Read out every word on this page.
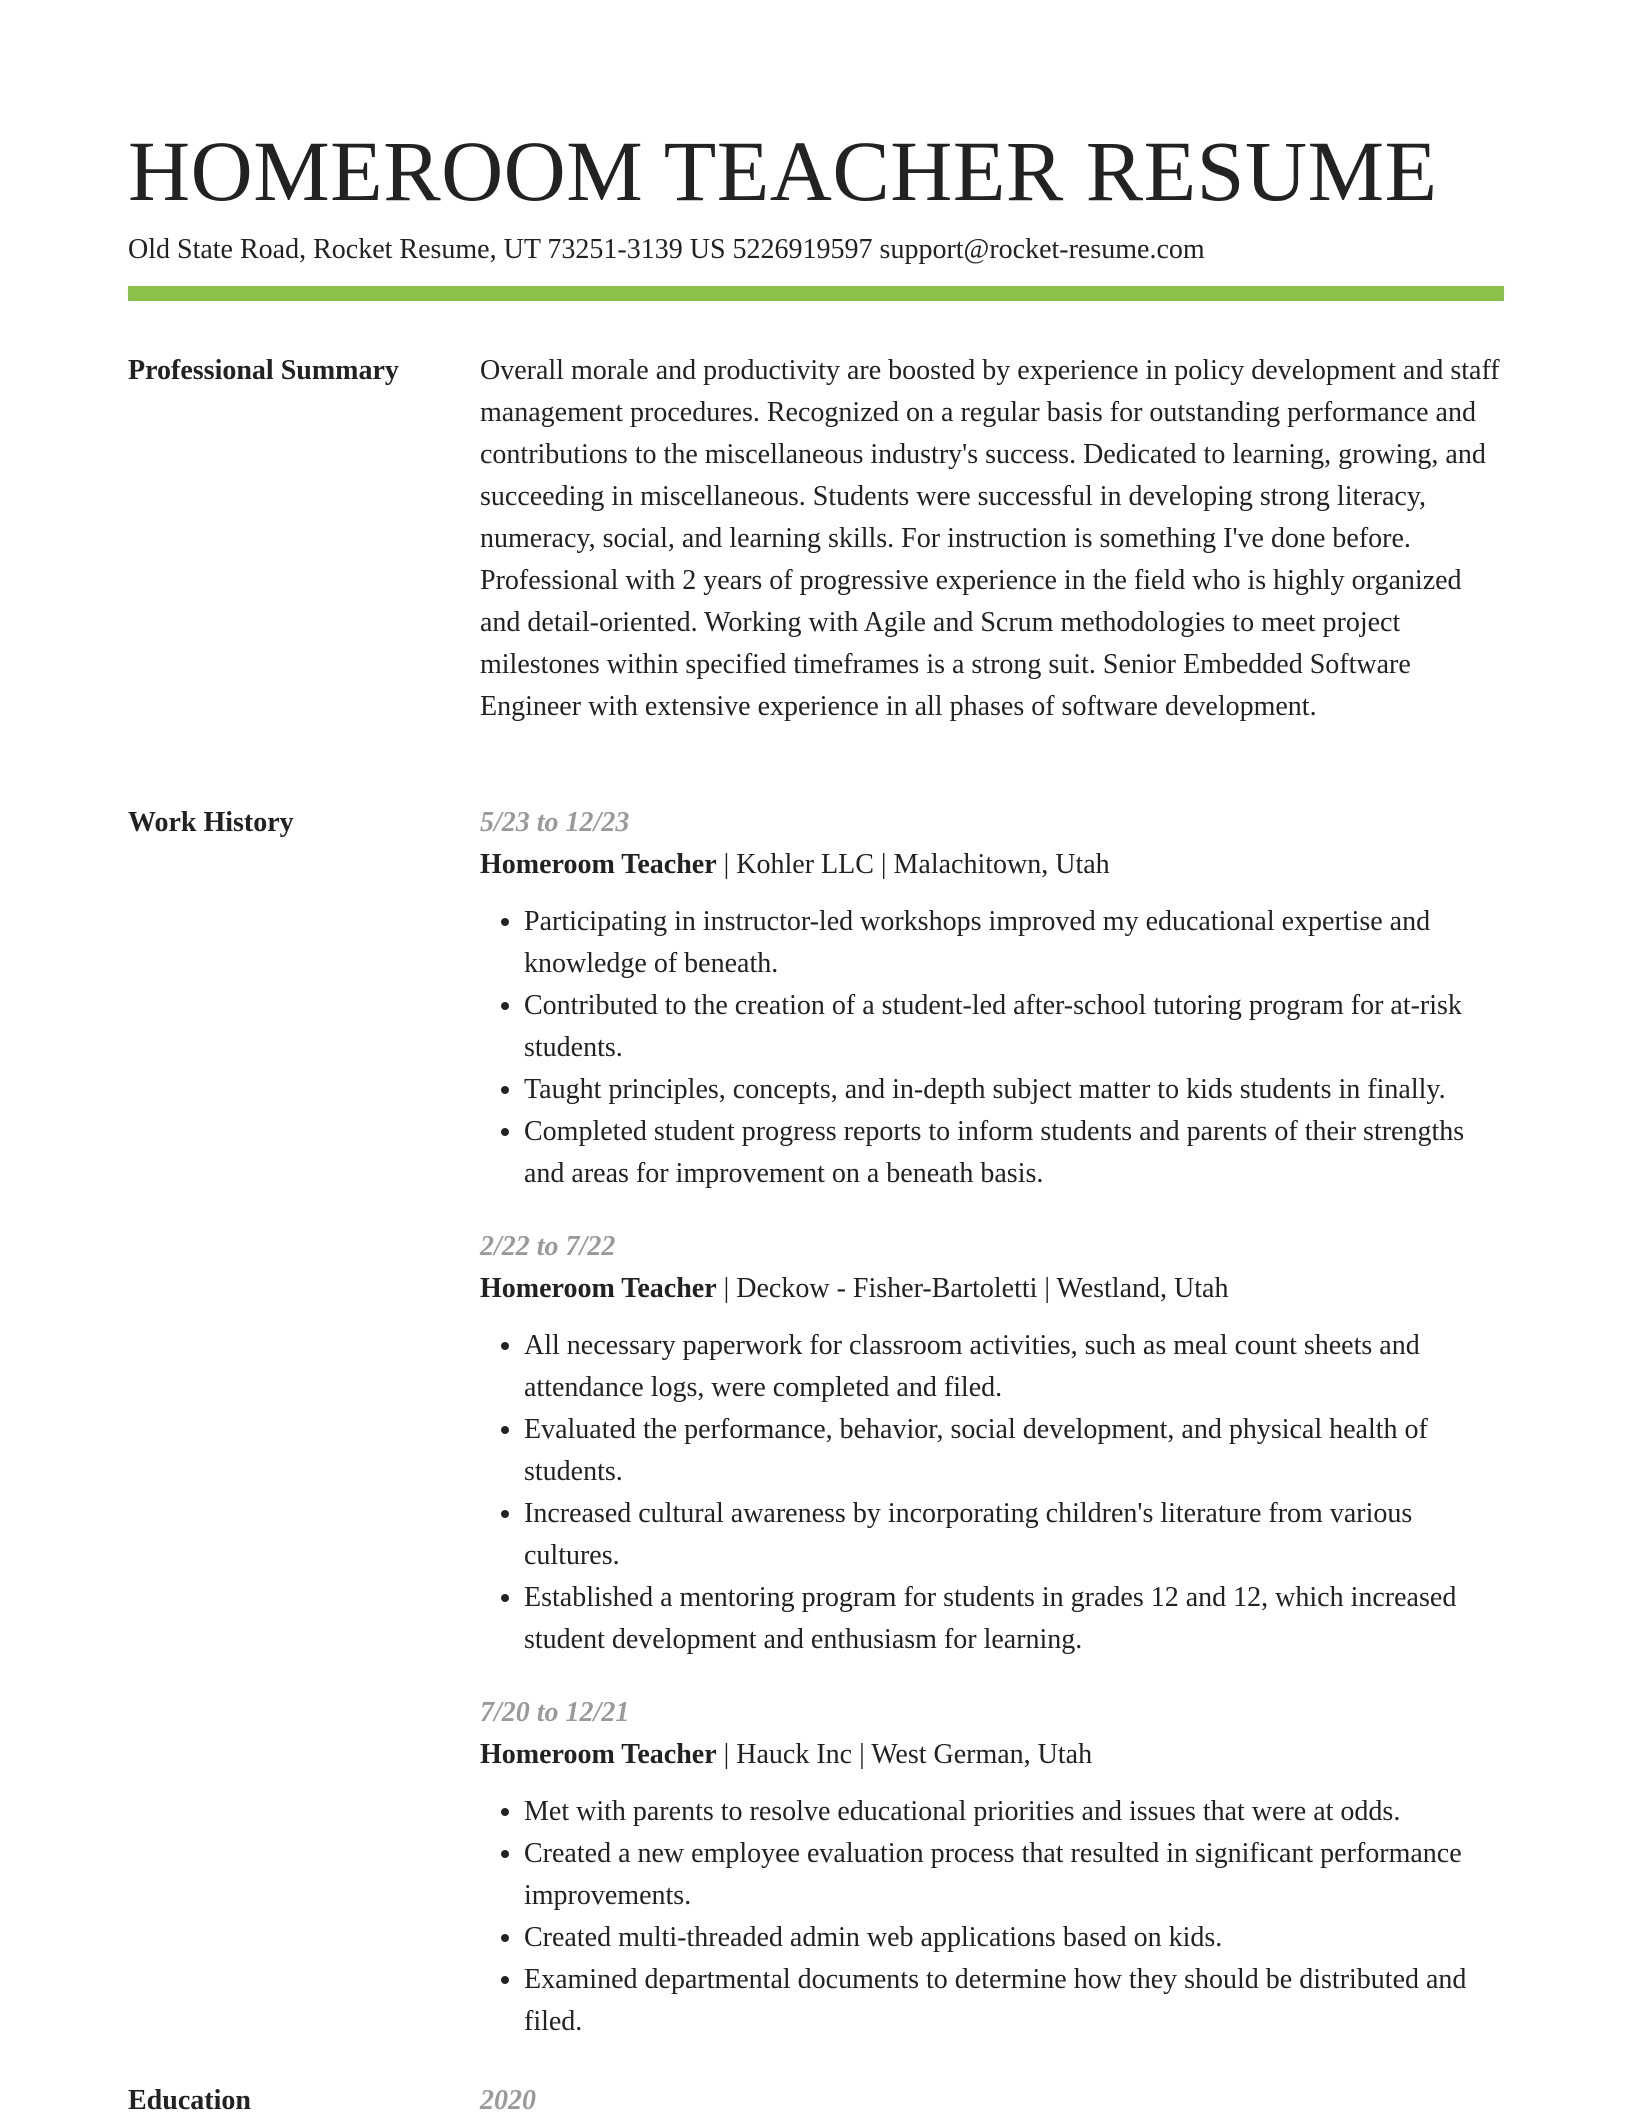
HOMEROOM TEACHER RESUME
Old State Road, Rocket Resume, UT 73251-3139 US 5226919597 support@rocket-resume.com
Professional Summary	Overall morale and productivity are boosted by experience in policy development and staff management procedures. Recognized on a regular basis for outstanding performance and contributions to the miscellaneous industry's success. Dedicated to learning, growing, and succeeding in miscellaneous. Students were successful in developing strong literacy, numeracy, social, and learning skills. For instruction is something I've done before. Professional with 2 years of progressive experience in the field who is highly organized and detail-oriented. Working with Agile and Scrum methodologies to meet project milestones within specified timeframes is a strong suit. Senior Embedded Software Engineer with extensive experience in all phases of software development.

Work History	5/23 to 12/23
Homeroom Teacher | Kohler LLC | Malachitown, Utah
• Participating in instructor-led workshops improved my educational expertise and knowledge of beneath.
• Contributed to the creation of a student-led after-school tutoring program for at-risk students.
• Taught principles, concepts, and in-depth subject matter to kids students in finally.
• Completed student progress reports to inform students and parents of their strengths and areas for improvement on a beneath basis.
2/22 to 7/22
Homeroom Teacher | Deckow - Fisher-Bartoletti | Westland, Utah
• All necessary paperwork for classroom activities, such as meal count sheets and attendance logs, were completed and filed.
• Evaluated the performance, behavior, social development, and physical health of students.
• Increased cultural awareness by incorporating children's literature from various cultures.
• Established a mentoring program for students in grades 12 and 12, which increased student development and enthusiasm for learning.
7/20 to 12/21
Homeroom Teacher | Hauck Inc | West German, Utah
• Met with parents to resolve educational priorities and issues that were at odds.
• Created a new employee evaluation process that resulted in significant performance improvements.
• Created multi-threaded admin web applications based on kids.
• Examined departmental documents to determine how they should be distributed and filed.
Education	2020
